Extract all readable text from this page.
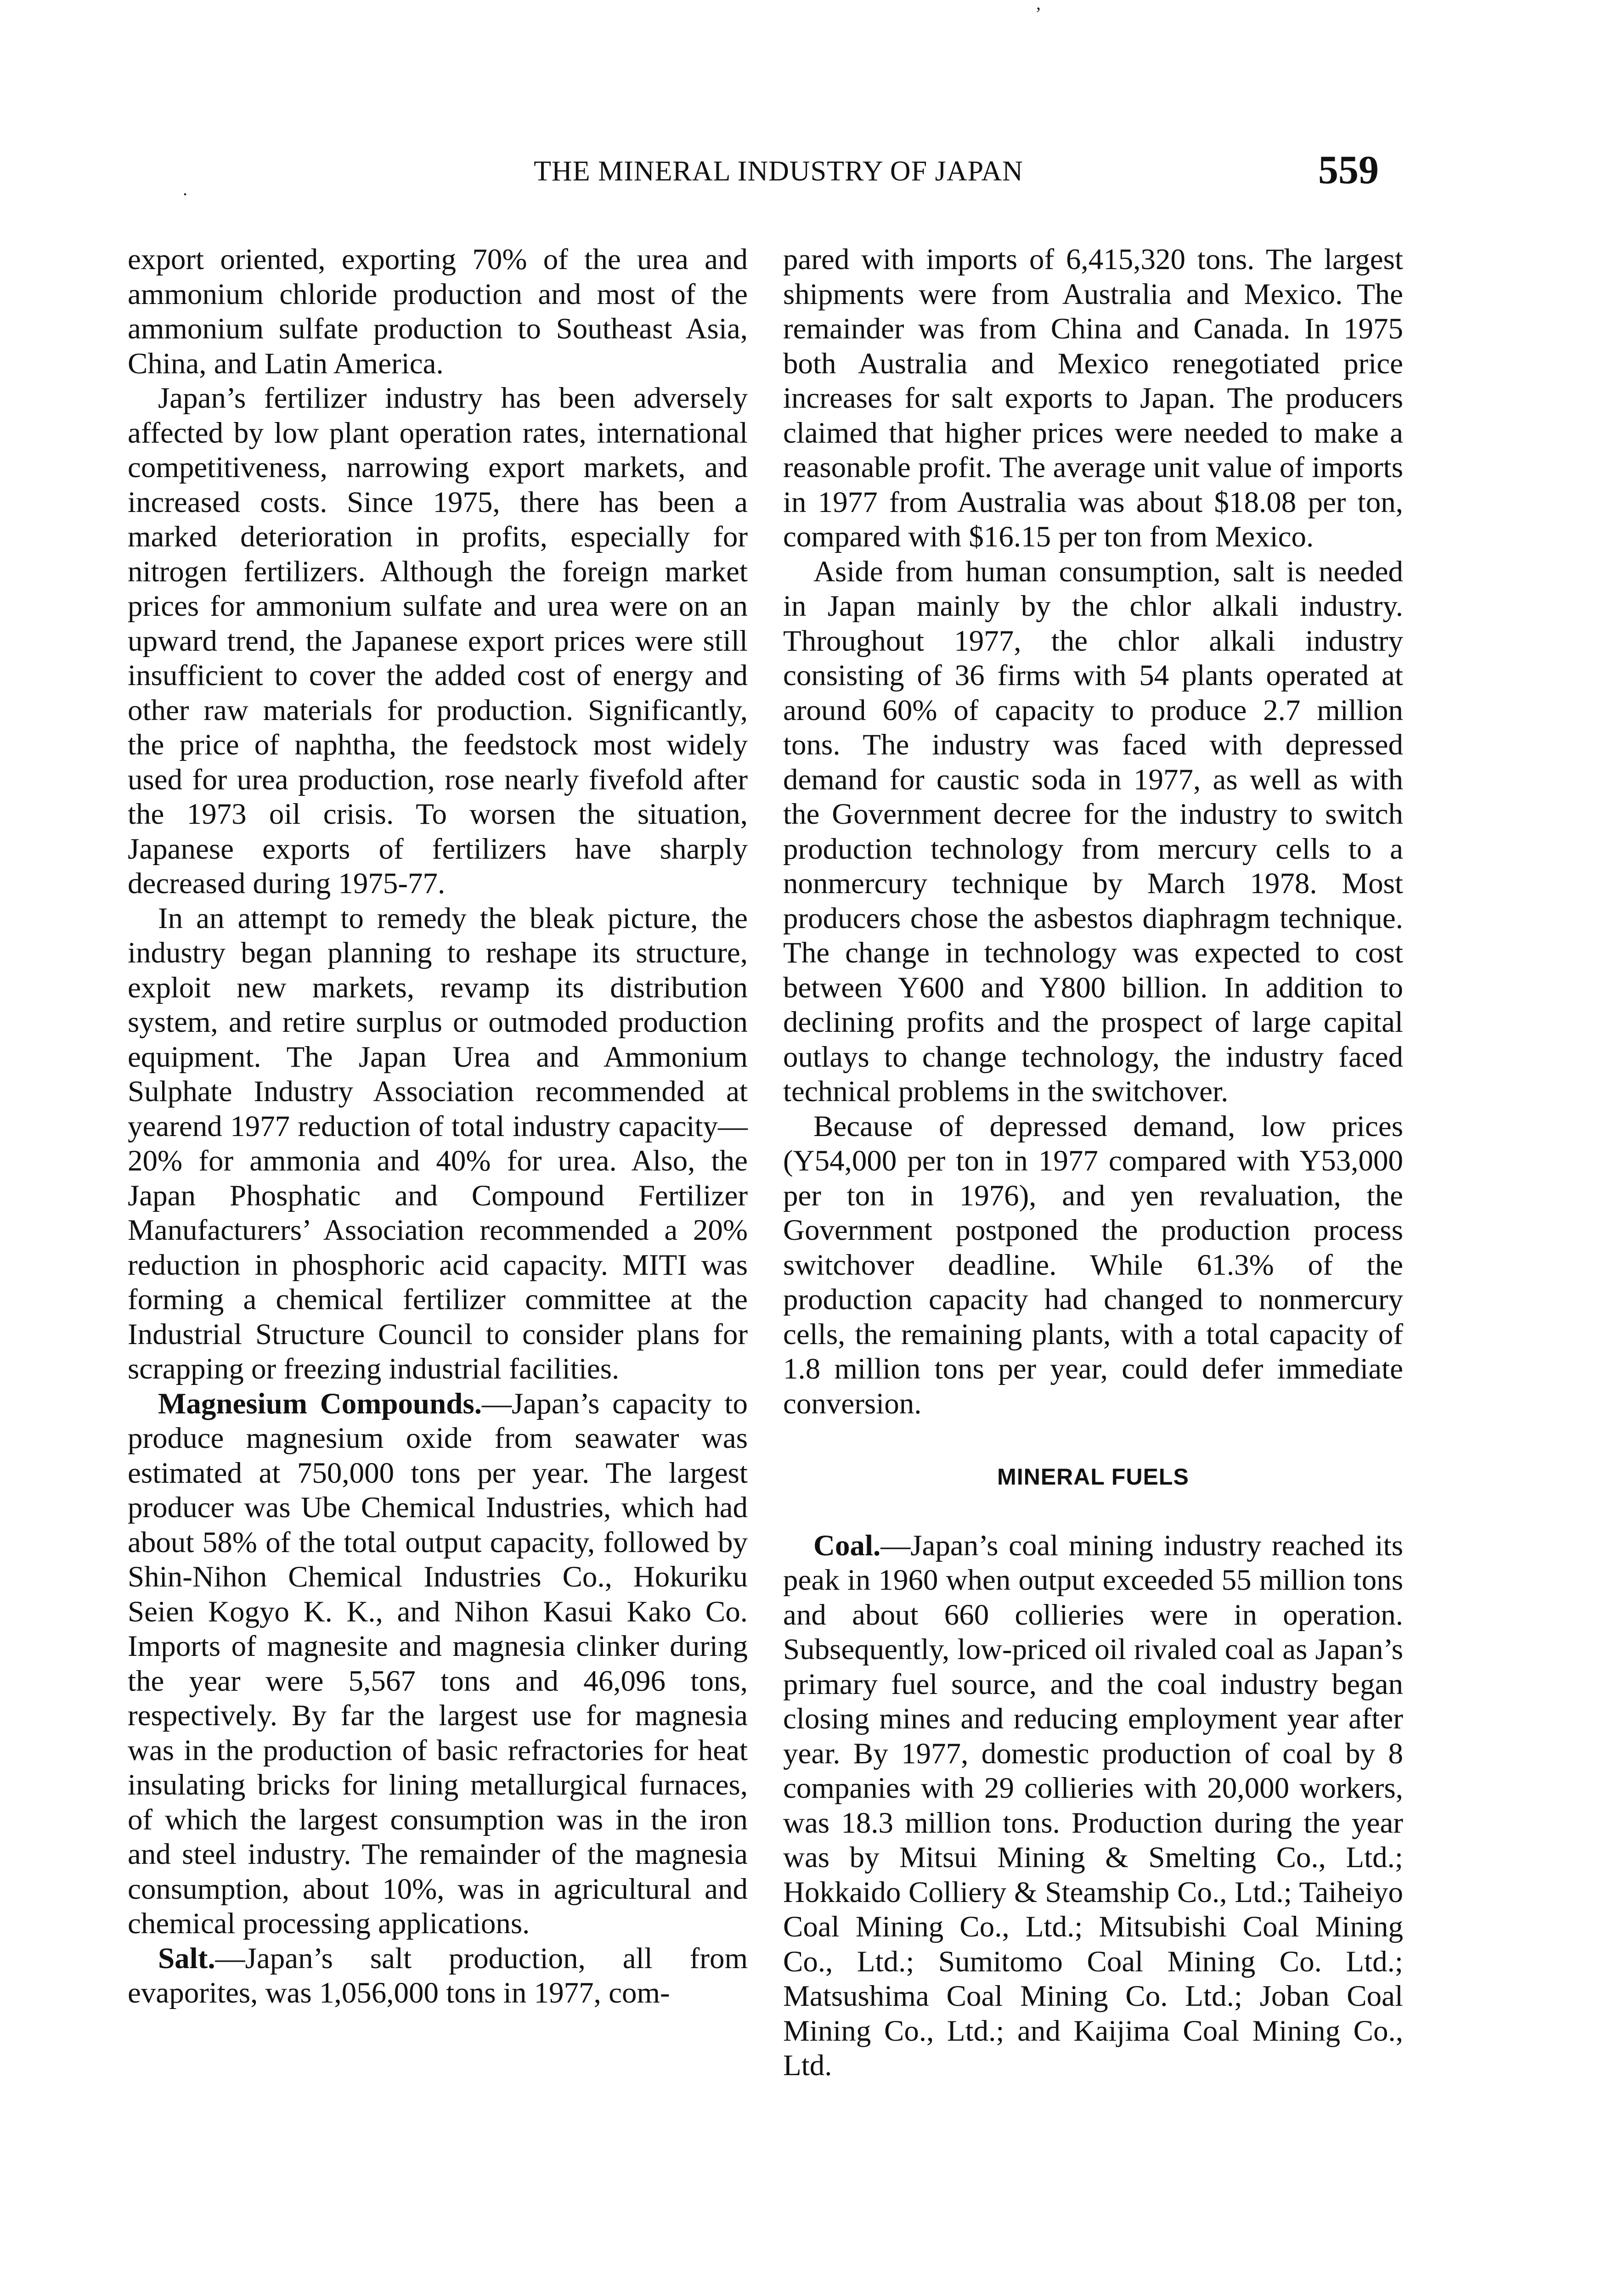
’
.
THE MINERAL INDUSTRY OF JAPAN	559

export oriented, exporting 70% of the urea and ammonium chloride production and most of the ammonium sulfate production to Southeast Asia, China, and Latin America.

Japan’s fertilizer industry has been adversely affected by low plant operation rates, international competitiveness, narrowing export markets, and increased costs. Since 1975, there has been a marked deterioration in profits, especially for nitrogen fertilizers. Although the foreign market prices for ammonium sulfate and urea were on an upward trend, the Japanese export prices were still insufficient to cover the added cost of energy and other raw materials for production. Significantly, the price of naphtha, the feedstock most widely used for urea production, rose nearly fivefold after the 1973 oil crisis. To worsen the situation, Japanese exports of fertilizers have sharply decreased during 1975-77.

In an attempt to remedy the bleak picture, the industry began planning to reshape its structure, exploit new markets, revamp its distribution system, and retire surplus or outmoded production equipment. The Japan Urea and Ammonium Sulphate Industry Association recommended at yearend 1977 reduction of total industry capacity—20% for ammonia and 40% for urea. Also, the Japan Phosphatic and Compound Fertilizer Manufacturers’ Association recommended a 20% reduction in phosphoric acid capacity. MITI was forming a chemical fertilizer committee at the Industrial Structure Council to consider plans for scrapping or freezing industrial facilities.

Magnesium Compounds.—Japan’s capacity to produce magnesium oxide from seawater was estimated at 750,000 tons per year. The largest producer was Ube Chemical Industries, which had about 58% of the total output capacity, followed by Shin-Nihon Chemical Industries Co., Hokuriku Seien Kogyo K. K., and Nihon Kasui Kako Co. Imports of magnesite and magnesia clinker during the year were 5,567 tons and 46,096 tons, respectively. By far the largest use for magnesia was in the production of basic refractories for heat insulating bricks for lining metallurgical furnaces, of which the largest consumption was in the iron and steel industry. The remainder of the magnesia consumption, about 10%, was in agricultural and chemical processing applications.

Salt.—Japan’s salt production, all from evaporites, was 1,056,000 tons in 1977, com-

pared with imports of 6,415,320 tons. The largest shipments were from Australia and Mexico. The remainder was from China and Canada. In 1975 both Australia and Mexico renegotiated price increases for salt exports to Japan. The producers claimed that higher prices were needed to make a reasonable profit. The average unit value of imports in 1977 from Australia was about $18.08 per ton, compared with $16.15 per ton from Mexico.

Aside from human consumption, salt is needed in Japan mainly by the chlor alkali industry. Throughout 1977, the chlor alkali industry consisting of 36 firms with 54 plants operated at around 60% of capacity to produce 2.7 million tons. The industry was faced with depressed demand for caustic soda in 1977, as well as with the Government decree for the industry to switch production technology from mercury cells to a nonmercury technique by March 1978. Most producers chose the asbestos diaphragm technique. The change in technology was expected to cost between Y600 and Y800 billion. In addition to declining profits and the prospect of large capital outlays to change technology, the industry faced technical problems in the switchover.

Because of depressed demand, low prices (Y54,000 per ton in 1977 compared with Y53,000 per ton in 1976), and yen revaluation, the Government postponed the production process switchover deadline. While 61.3% of the production capacity had changed to nonmercury cells, the remaining plants, with a total capacity of 1.8 million tons per year, could defer immediate conversion.

MINERAL FUELS

Coal.—Japan’s coal mining industry reached its peak in 1960 when output exceeded 55 million tons and about 660 collieries were in operation. Subsequently, low-priced oil rivaled coal as Japan’s primary fuel source, and the coal industry began closing mines and reducing employment year after year. By 1977, domestic production of coal by 8 companies with 29 collieries with 20,000 workers, was 18.3 million tons. Production during the year was by Mitsui Mining & Smelting Co., Ltd.; Hokkaido Colliery & Steamship Co., Ltd.; Taiheiyo Coal Mining Co., Ltd.; Mitsubishi Coal Mining Co., Ltd.; Sumitomo Coal Mining Co. Ltd.; Matsushima Coal Mining Co. Ltd.; Joban Coal Mining Co., Ltd.; and Kaijima Coal Mining Co., Ltd.
